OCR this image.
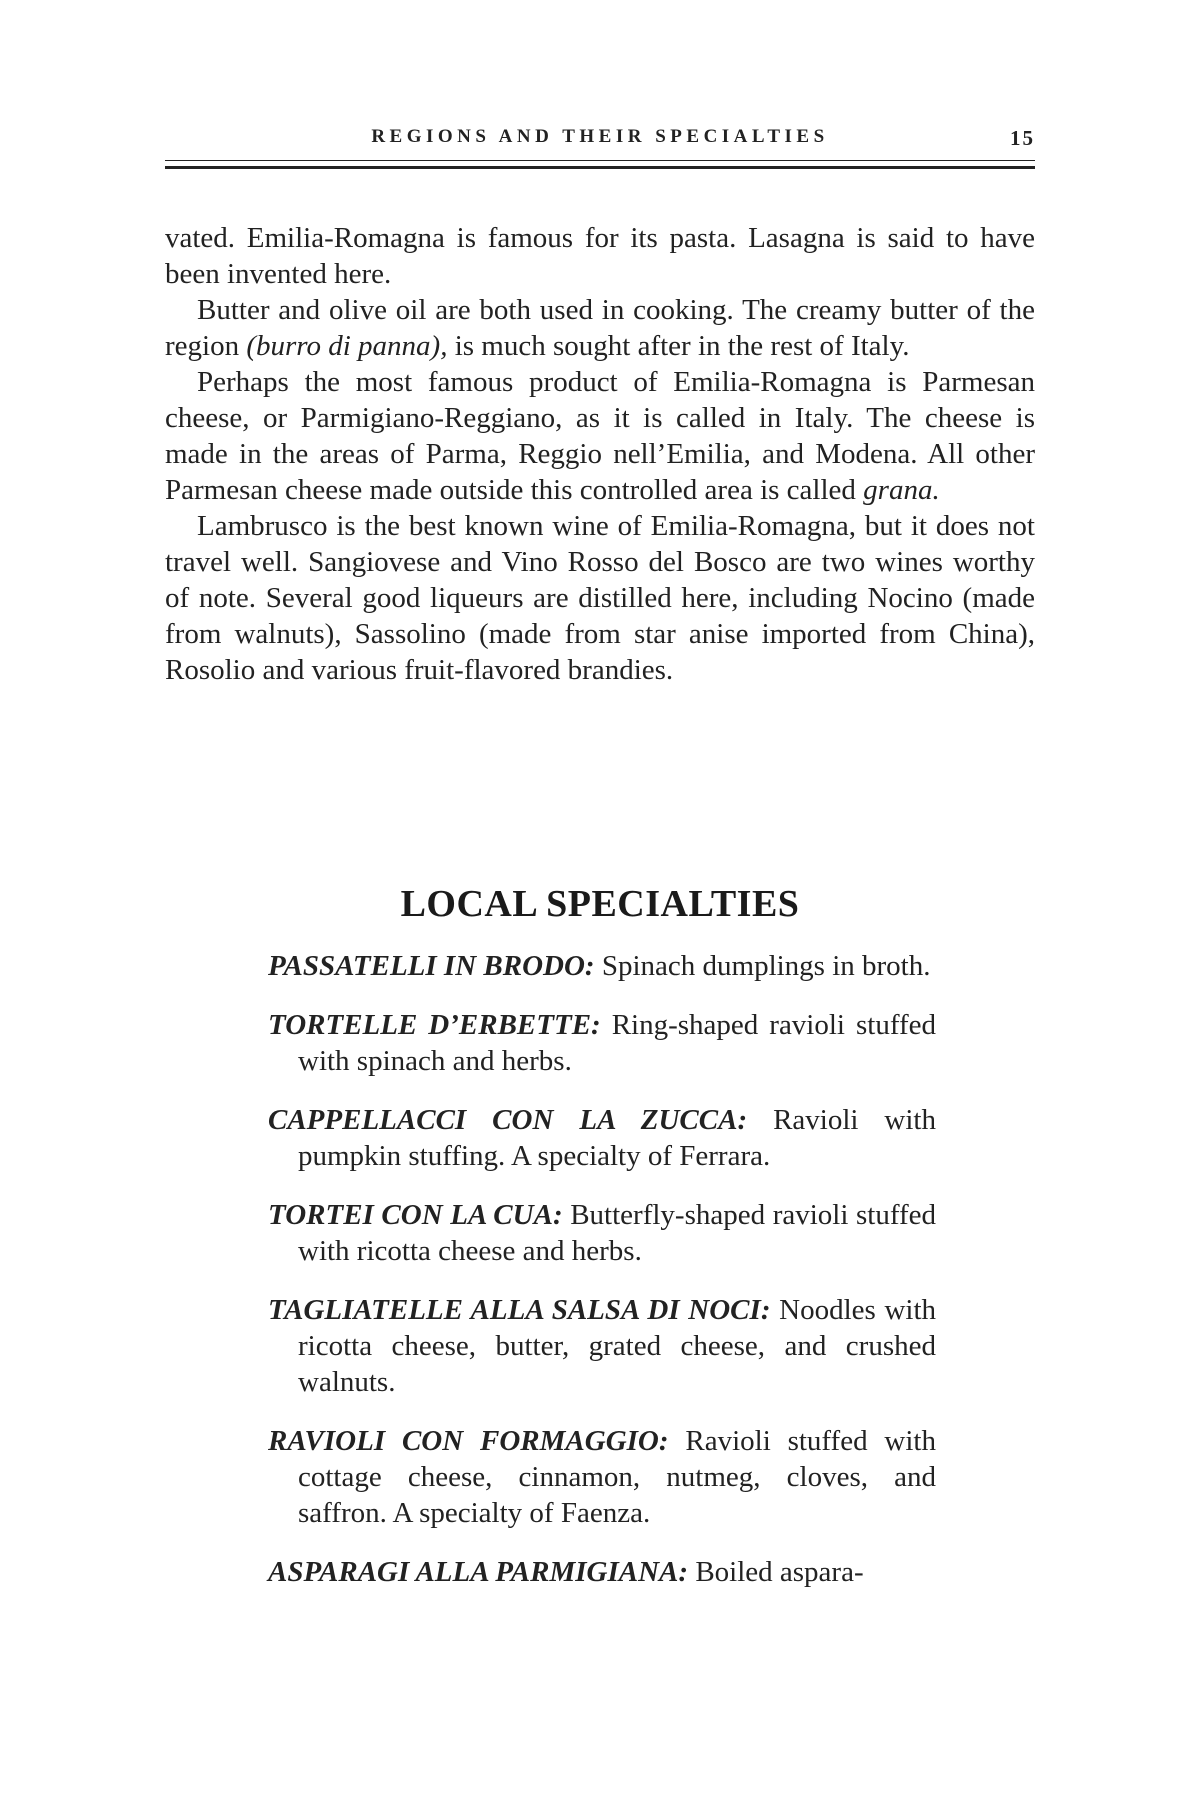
REGIONS AND THEIR SPECIALTIES	15

vated. Emilia-Romagna is famous for its pasta. Lasagna is said to have been invented here.

Butter and olive oil are both used in cooking. The creamy butter of the region (burro di panna), is much sought after in the rest of Italy.

Perhaps the most famous product of Emilia-Romagna is Parmesan cheese, or Parmigiano-Reggiano, as it is called in Italy. The cheese is made in the areas of Parma, Reggio nell’Emilia, and Modena. All other Parmesan cheese made outside this controlled area is called grana.

Lambrusco is the best known wine of Emilia-Romagna, but it does not travel well. Sangiovese and Vino Rosso del Bosco are two wines worthy of note. Several good liqueurs are distilled here, including Nocino (made from walnuts), Sassolino (made from star anise imported from China), Rosolio and various fruit-flavored brandies.

LOCAL SPECIALTIES

PASSATELLI IN BRODO: Spinach dumplings in broth.

TORTELLE D’ERBETTE: Ring-shaped ravioli stuffed with spinach and herbs.

CAPPELLACCI CON LA ZUCCA: Ravioli with pumpkin stuffing. A specialty of Ferrara.

TORTEI CON LA CUA: Butterfly-shaped ravioli stuffed with ricotta cheese and herbs.

TAGLIATELLE ALLA SALSA DI NOCI: Noodles with ricotta cheese, butter, grated cheese, and crushed walnuts.

RAVIOLI CON FORMAGGIO: Ravioli stuffed with cottage cheese, cinnamon, nutmeg, cloves, and saffron. A specialty of Faenza.

ASPARAGI ALLA PARMIGIANA: Boiled aspara-
